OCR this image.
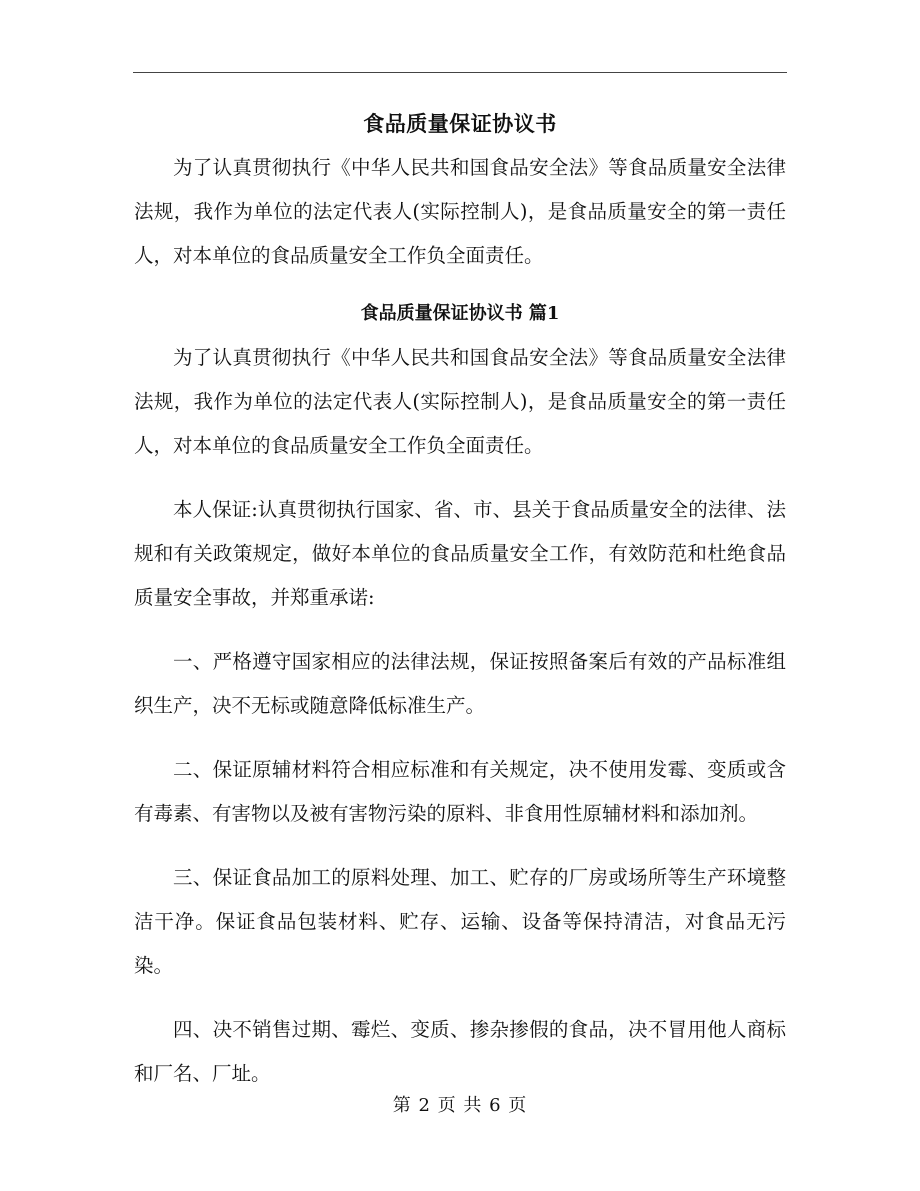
食品质量保证协议书

为了认真贯彻执行《中华人民共和国食品安全法》等食品质量安全法律法规，我作为单位的法定代表人(实际控制人)，是食品质量安全的第一责任人，对本单位的食品质量安全工作负全面责任。

食品质量保证协议书 篇1

为了认真贯彻执行《中华人民共和国食品安全法》等食品质量安全法律法规，我作为单位的法定代表人(实际控制人)，是食品质量安全的第一责任人，对本单位的食品质量安全工作负全面责任。

本人保证:认真贯彻执行国家、省、市、县关于食品质量安全的法律、法规和有关政策规定，做好本单位的食品质量安全工作，有效防范和杜绝食品质量安全事故，并郑重承诺:

一、严格遵守国家相应的法律法规，保证按照备案后有效的产品标准组织生产，决不无标或随意降低标准生产。

二、保证原辅材料符合相应标准和有关规定，决不使用发霉、变质或含有毒素、有害物以及被有害物污染的原料、非食用性原辅材料和添加剂。

三、保证食品加工的原料处理、加工、贮存的厂房或场所等生产环境整洁干净。保证食品包装材料、贮存、运输、设备等保持清洁，对食品无污染。

四、决不销售过期、霉烂、变质、掺杂掺假的食品，决不冒用他人商标和厂名、厂址。

第 2 页 共 6 页
